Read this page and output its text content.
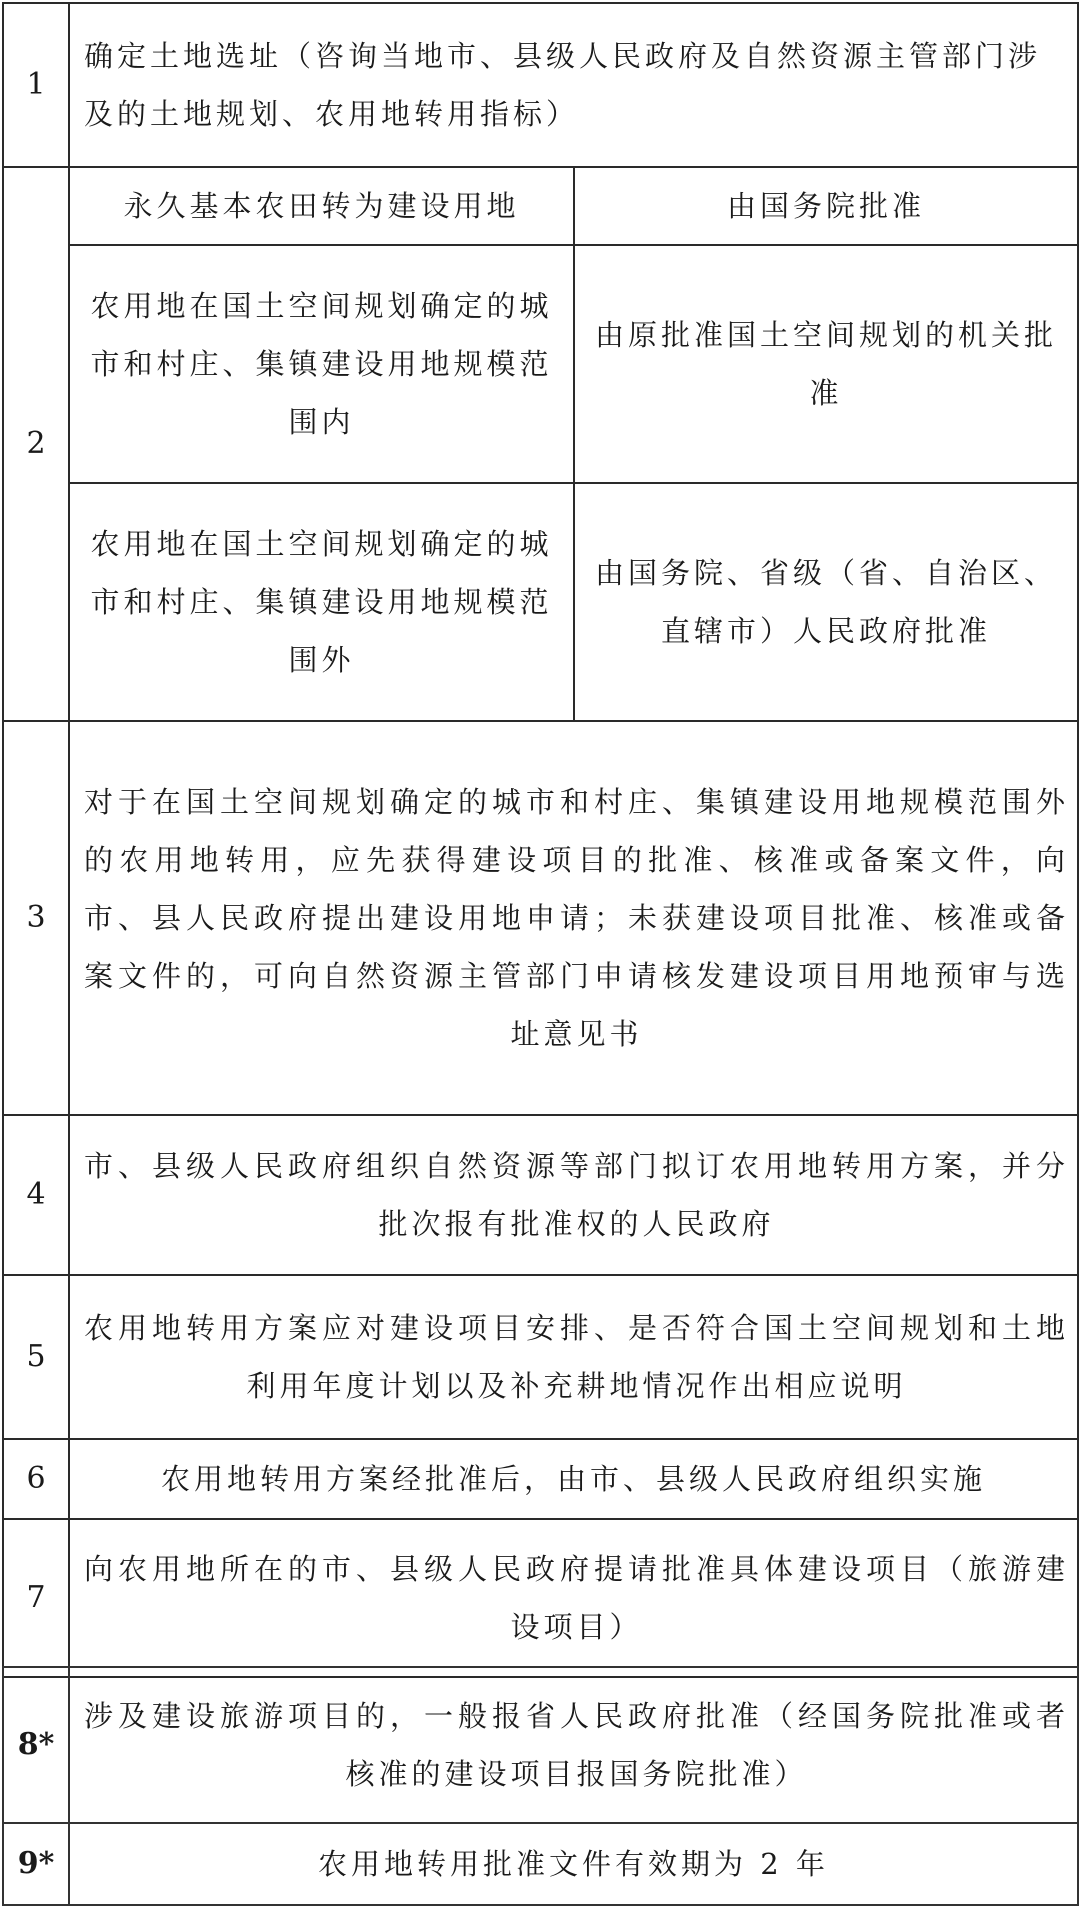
1	确定土地选址（咨询当地市、县级人民政府及自然资源主管部门涉及的土地规划、农用地转用指标）	
2	永久基本农田转为建设用地	由国务院批准
	农用地在国土空间规划确定的城市和村庄、集镇建设用地规模范围内	由原批准国土空间规划的机关批准
	农用地在国土空间规划确定的城市和村庄、集镇建设用地规模范围外	由国务院、省级（省、自治区、直辖市）人民政府批准
3	对于在国土空间规划确定的城市和村庄、集镇建设用地规模范围外的农用地转用，应先获得建设项目的批准、核准或备案文件，向市、县人民政府提出建设用地申请；未获建设项目批准、核准或备案文件的，可向自然资源主管部门申请核发建设项目用地预审与选址意见书	
4	市、县级人民政府组织自然资源等部门拟订农用地转用方案，并分批次报有批准权的人民政府	
5	农用地转用方案应对建设项目安排、是否符合国土空间规划和土地利用年度计划以及补充耕地情况作出相应说明	
6	农用地转用方案经批准后，由市、县级人民政府组织实施	
7	向农用地所在的市、县级人民政府提请批准具体建设项目（旅游建设项目）	
8*	涉及建设旅游项目的，一般报省人民政府批准（经国务院批准或者核准的建设项目报国务院批准）
9*	农用地转用批准文件有效期为 2 年
